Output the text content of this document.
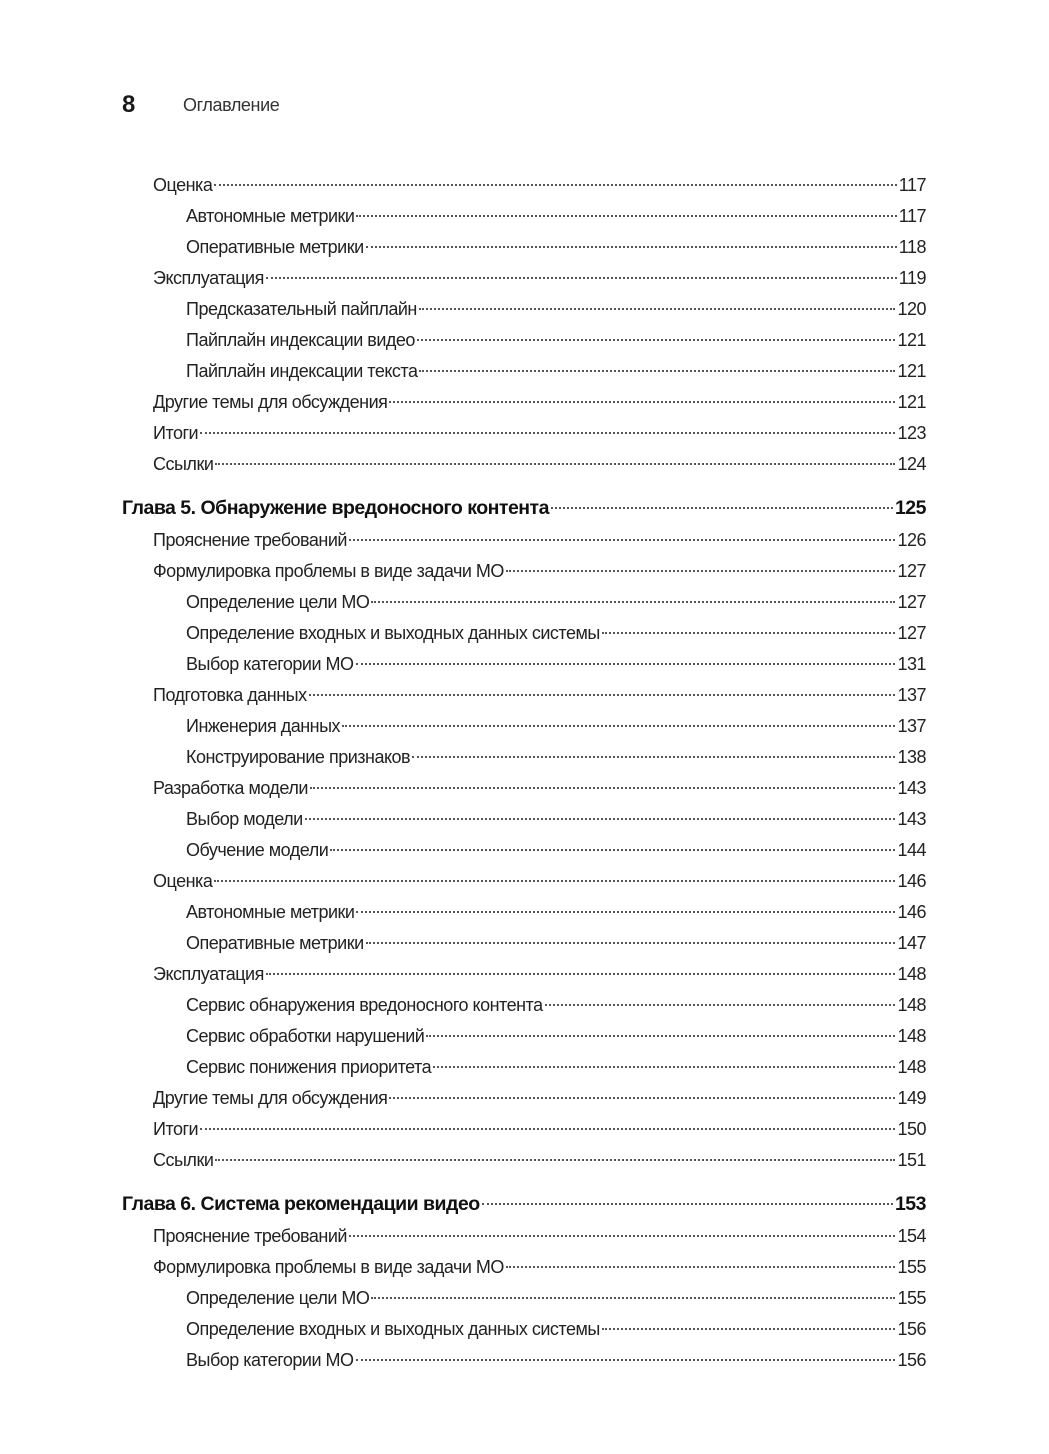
8	Оглавление
Оценка	117
Автономные метрики	117
Оперативные метрики	118
Эксплуатация	119
Предсказательный пайплайн	120
Пайплайн индексации видео	121
Пайплайн индексации текста	121
Другие темы для обсуждения	121
Итоги	123
Ссылки	124
Глава 5. Обнаружение вредоносного контента	125
Прояснение требований	126
Формулировка проблемы в виде задачи МО	127
Определение цели МО	127
Определение входных и выходных данных системы	127
Выбор категории МО	131
Подготовка данных	137
Инженерия данных	137
Конструирование признаков	138
Разработка модели	143
Выбор модели	143
Обучение модели	144
Оценка	146
Автономные метрики	146
Оперативные метрики	147
Эксплуатация	148
Сервис обнаружения вредоносного контента	148
Сервис обработки нарушений	148
Сервис понижения приоритета	148
Другие темы для обсуждения	149
Итоги	150
Ссылки	151
Глава 6. Система рекомендации видео	153
Прояснение требований	154
Формулировка проблемы в виде задачи МО	155
Определение цели МО	155
Определение входных и выходных данных системы	156
Выбор категории МО	156
